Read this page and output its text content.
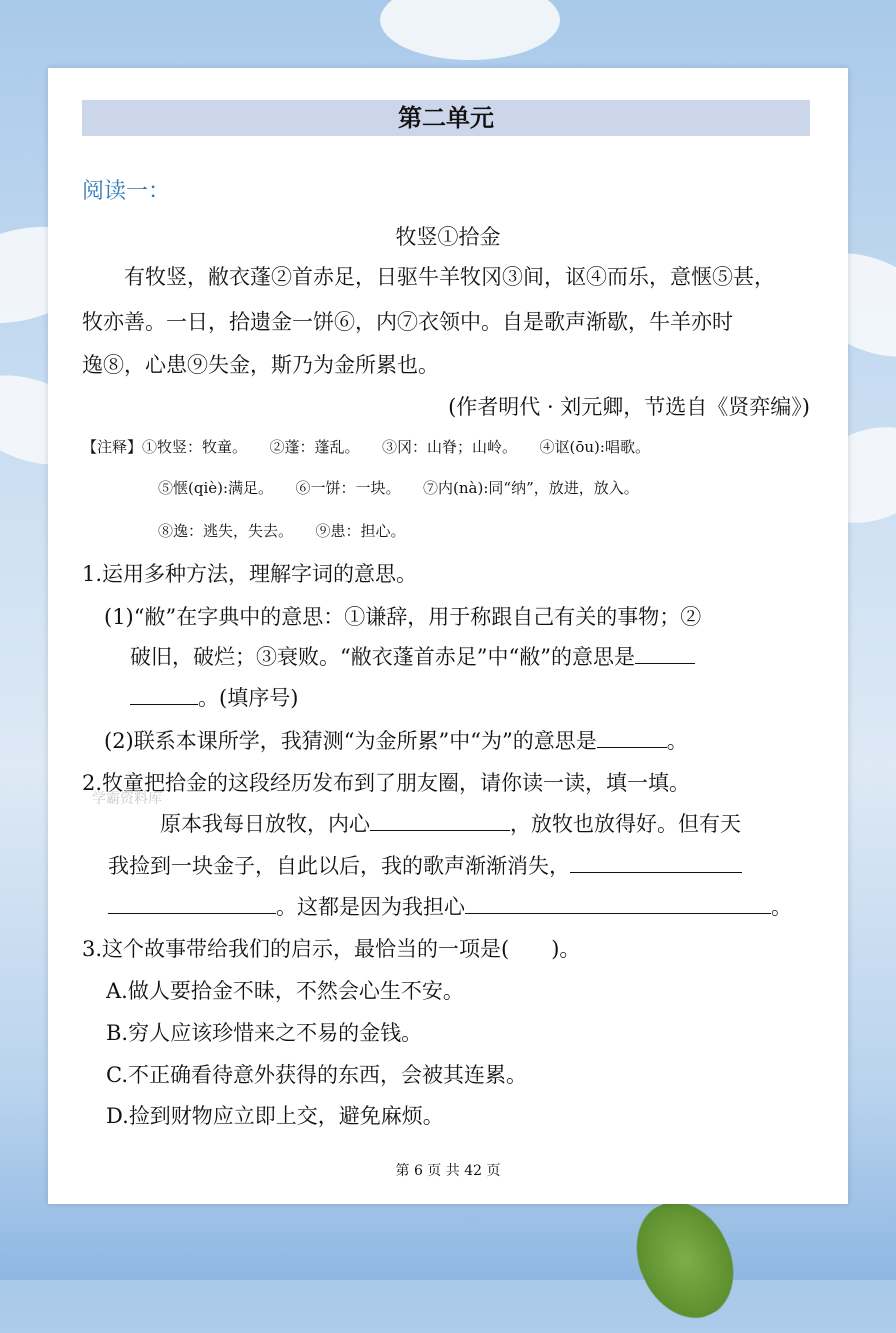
第二单元
阅读一：
牧竖①拾金
有牧竖，敝衣蓬②首赤足，日驱牛羊牧冈③间，讴④而乐，意惬⑤甚，
牧亦善。一日，拾遗金一饼⑥，内⑦衣领中。自是歌声渐歇，牛羊亦时
逸⑧，心患⑨失金，斯乃为金所累也。
(作者明代 · 刘元卿，节选自《贤弈编》)
【注释】①牧竖：牧童。　　②蓬：蓬乱。　　③冈：山脊；山岭。　　④讴(ōu):唱歌。
⑤惬(qiè):满足。　　⑥一饼：一块。　　⑦内(nà):同“纳”，放进，放入。
⑧逸：逃失，失去。　　⑨患：担心。
1.运用多种方法，理解字词的意思。
(1)“敝”在字典中的意思：①谦辞，用于称跟自己有关的事物；②
破旧，破烂；③衰败。“敝衣蓬首赤足”中“敝”的意思是
。(填序号)
(2)联系本课所学，我猜测“为金所累”中“为”的意思是	。
2.牧童把拾金的这段经历发布到了朋友圈，请你读一读，填一填。
原本我每日放牧，内心	，放牧也放得好。但有天
我捡到一块金子，自此以后，我的歌声渐渐消失，
。这都是因为我担心	。
3.这个故事带给我们的启示，最恰当的一项是(　　)。
A.做人要拾金不昧，不然会心生不安。
B.穷人应该珍惜来之不易的金钱。
C.不正确看待意外获得的东西，会被其连累。
D.捡到财物应立即上交，避免麻烦。
学霸资料库
第 6 页 共 42 页
